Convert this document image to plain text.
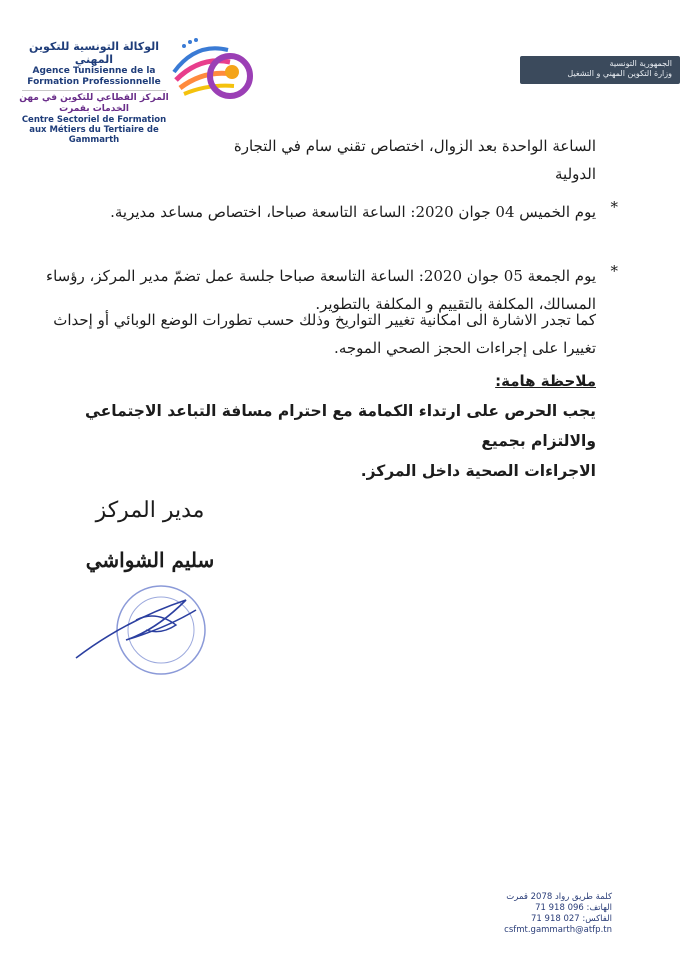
الوكالة التونسية للتكوين المهني
Agence Tunisienne de la Formation Professionnelle
المركز القطاعي للتكوين في مهن الخدمات بقمرت
Centre Sectoriel de Formation aux Métiers du Tertiaire de Gammarth
الجمهورية التونسية
وزارة التكوين المهني و التشغيل

الساعة الواحدة بعد الزوال، اختصاص تقني سام في التجارة

الدولية

*

يوم الخميس 04 جوان 2020: الساعة التاسعة صباحا، اختصاص مساعد مديرية.

*

يوم الجمعة 05 جوان 2020: الساعة التاسعة صباحا جلسة عمل تضمّ مدير المركز، رؤساء

المسالك، المكلفة بالتقييم و المكلفة بالتطوير.

كما تجدر الاشارة الى امكانية تغيير التواريخ وذلك حسب تطورات الوضع الوبائي أو إحداث

تغييرا على إجراءات الحجز الصحي الموجه.

ملاحظة هامة:
يجب الحرص على ارتداء الكمامة مع احترام مسافة التباعد الاجتماعي والالتزام بجميع
الاجراءات الصحية داخل المركز.
مدير المركز
سليم الشواشي
كلمة طريق رواد 2078 قمرت
الهاتف: 096 918 71
الفاكس: 027 918 71
csfmt.gammarth@atfp.tn
